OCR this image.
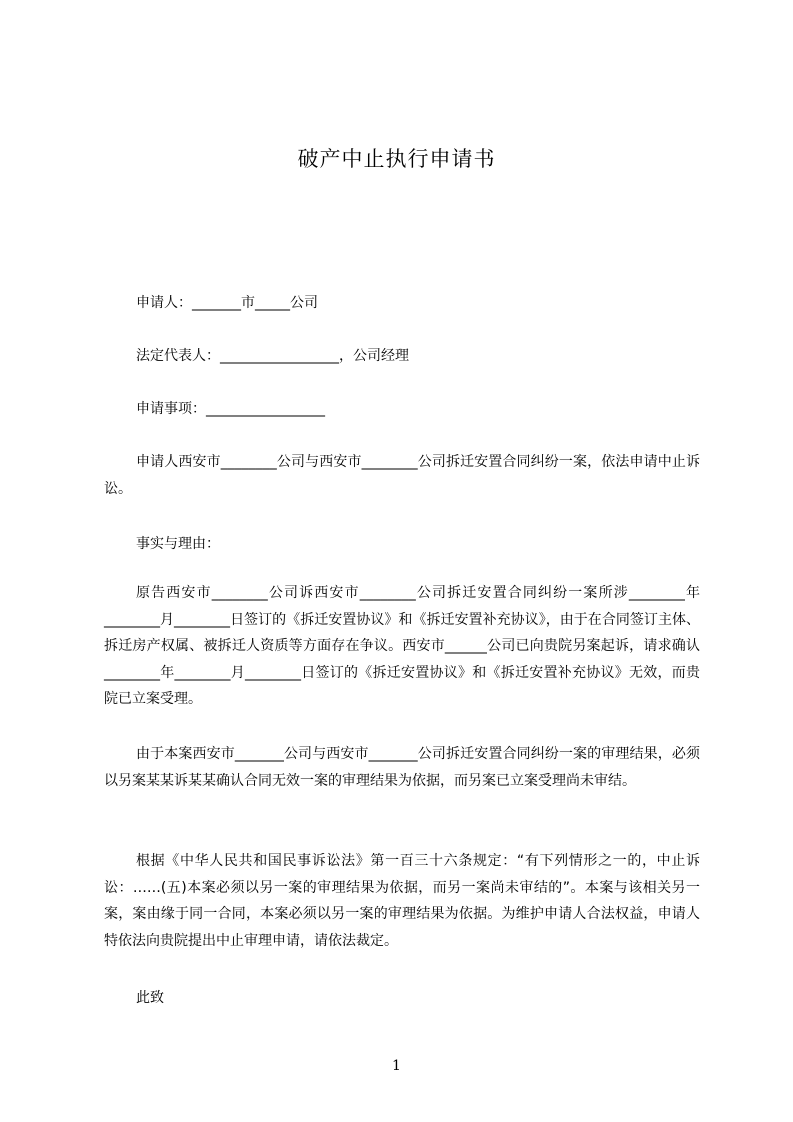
破产中止执行申请书
申请人：_______市_____公司
法定代表人：_________________，公司经理
申请事项：_________________
申请人西安市________公司与西安市________公司拆迁安置合同纠纷一案，依法申请中止诉讼。
事实与理由：
原告西安市________公司诉西安市________公司拆迁安置合同纠纷一案所涉________年________月________日签订的《拆迁安置协议》和《拆迁安置补充协议》，由于在合同签订主体、拆迁房产权属、被拆迁人资质等方面存在争议。西安市______公司已向贵院另案起诉，请求确认________年________月________日签订的《拆迁安置协议》和《拆迁安置补充协议》无效，而贵院已立案受理。
由于本案西安市_______公司与西安市_______公司拆迁安置合同纠纷一案的审理结果，必须以另案某某诉某某确认合同无效一案的审理结果为依据，而另案已立案受理尚未审结。
根据《中华人民共和国民事诉讼法》第一百三十六条规定：“有下列情形之一的，中止诉讼：……(五)本案必须以另一案的审理结果为依据，而另一案尚未审结的”。本案与该相关另一案，案由缘于同一合同，本案必须以另一案的审理结果为依据。为维护申请人合法权益，申请人特依法向贵院提出中止审理申请，请依法裁定。
此致
1
